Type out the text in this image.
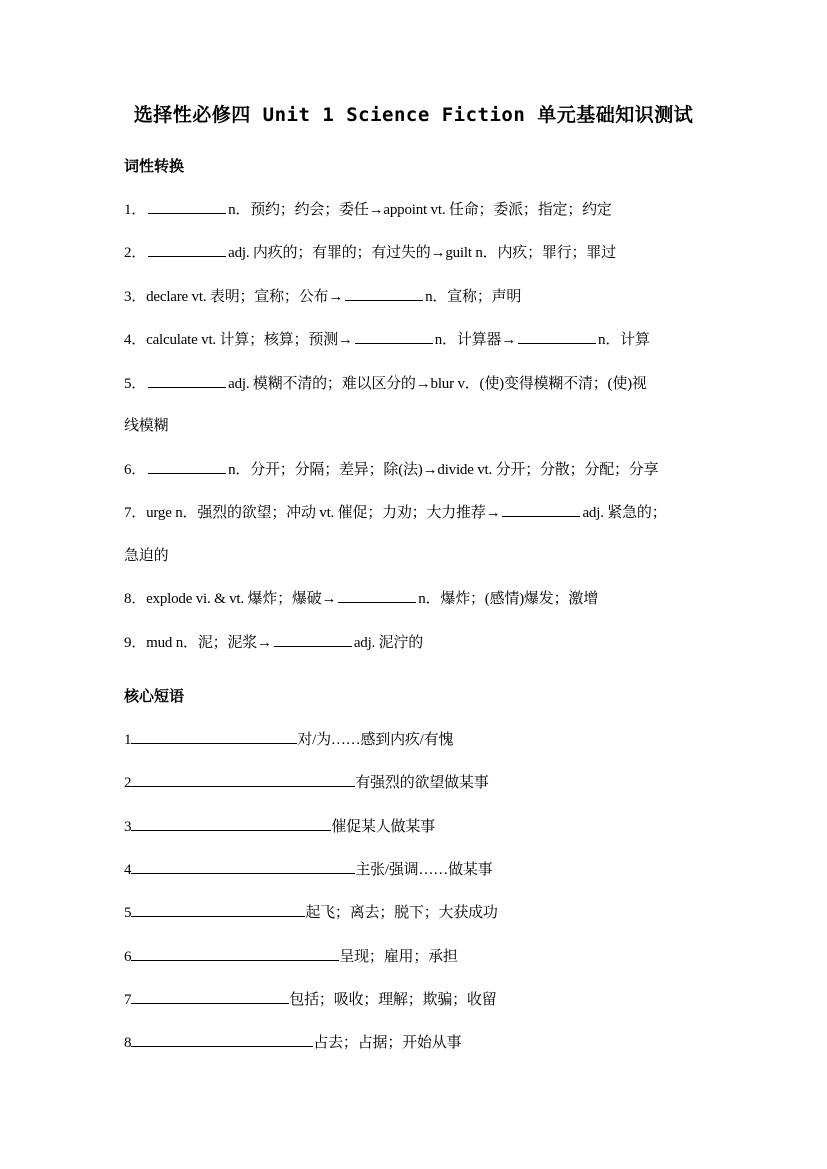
选择性必修四 Unit 1 Science Fiction 单元基础知识测试
词性转换
1．	n．预约；约会；委任→appoint vt. 任命；委派；指定；约定
2．	adj. 内疚的；有罪的；有过失的→guilt n．内疚；罪行；罪过
3．declare vt. 表明；宣称；公布→	n．宣称；声明
4．calculate vt. 计算；核算；预测→	n．计算器→	n．计算
5．	adj. 模糊不清的；难以区分的→blur v．(使)变得模糊不清；(使)视
线模糊
6．	n．分开；分隔；差异；除(法)→divide vt. 分开；分散；分配；分享
7．urge n．强烈的欲望；冲动 vt. 催促；力劝；大力推荐→	adj. 紧急的；
急迫的
8．explode vi. & vt. 爆炸；爆破→	n．爆炸；(感情)爆发；激增
9．mud n．泥；泥浆→	adj. 泥泞的
核心短语
1	对/为……感到内疚/有愧
2	有强烈的欲望做某事
3	催促某人做某事
4	主张/强调……做某事
5	起飞；离去；脱下；大获成功
6	呈现；雇用；承担
7	包括；吸收；理解；欺骗；收留
8	占去；占据；开始从事
